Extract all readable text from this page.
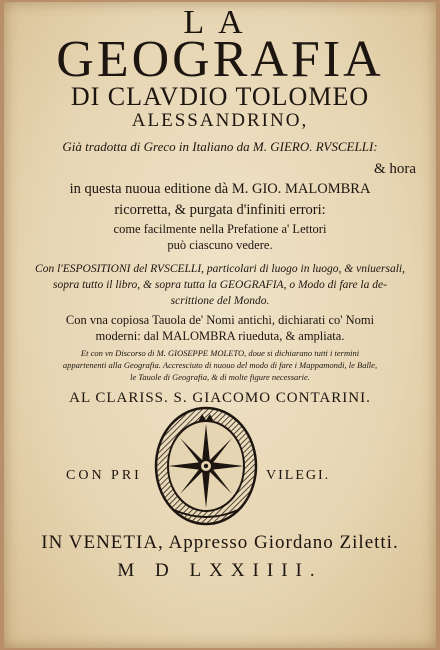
LA
GEOGRAFIA
DI CLAVDIO TOLOMEO
ALESSANDRINO,
Già tradotta di Greco in Italiano da M. GIERO. RVSCELLI:
& hora
in questa nuoua editione dà M. GIO. MALOMBRA
ricorretta, & purgata d'infiniti errori:
come facilmente nella Prefatione a' Lettori
può ciascuno vedere.
Con l'ESPOSITIONI del RVSCELLI, particolari di luogo in luogo, & vniuersali,
sopra tutto il libro, & sopra tutta la GEOGRAFIA, o Modo di fare la de-
scrittione del Mondo.
Con vna copiosa Tauola de' Nomi antichi, dichiarati co' Nomi
moderni: dal MALOMBRA riueduta, & ampliata.
Et con vn Discorso di M. GIOSEPPE MOLETO, doue si dichiarano tutti i termini
appartenenti alla Geografia. Accresciuto di nuouo del modo di fare i Mappamondi, le Balle,
le Tauole di Geografia, & di molte figure necessarie.
AL CLARISS. S. GIACOMO CONTARINI.
CON PRI	VILEGI.
IN VENETIA, Appresso Giordano Ziletti.
M D LXXIIII.
